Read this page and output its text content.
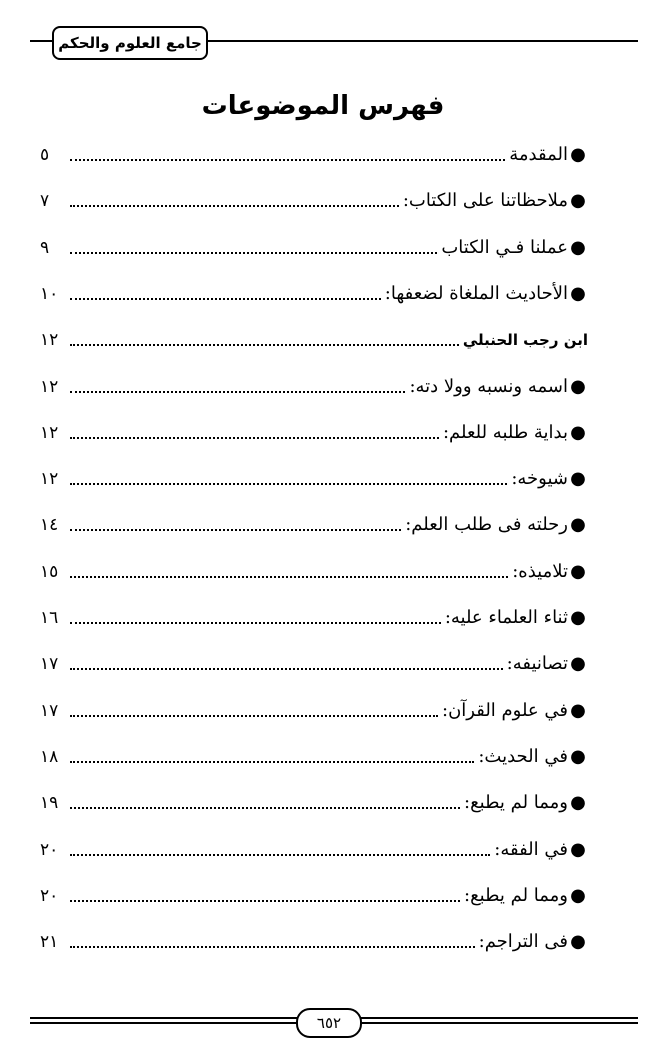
جامع العلوم والحكم
فهرس الموضوعات
●
المقدمة
٥
●
ملاحظاتنا على الكتاب:
٧
●
عملنا فـي الكتاب
٩
●
الأحاديث الملغاة لضعفها:
١٠
ابن رجب الحنبلي
١٢
●
اسمه ونسبه وولا دته:
١٢
●
بداية طلبه للعلم:
١٢
●
شيوخه:
١٢
●
رحلته فى طلب العلم:
١٤
●
تلاميذه:
١٥
●
ثناء العلماء عليه:
١٦
●
تصانيفه:
١٧
●
في علوم القرآن:
١٧
●
في الحديث:
١٨
●
ومما لم يطبع:
١٩
●
في الفقه:
٢٠
●
ومما لم يطبع:
٢٠
●
فى التراجم:
٢١
٦٥٢
